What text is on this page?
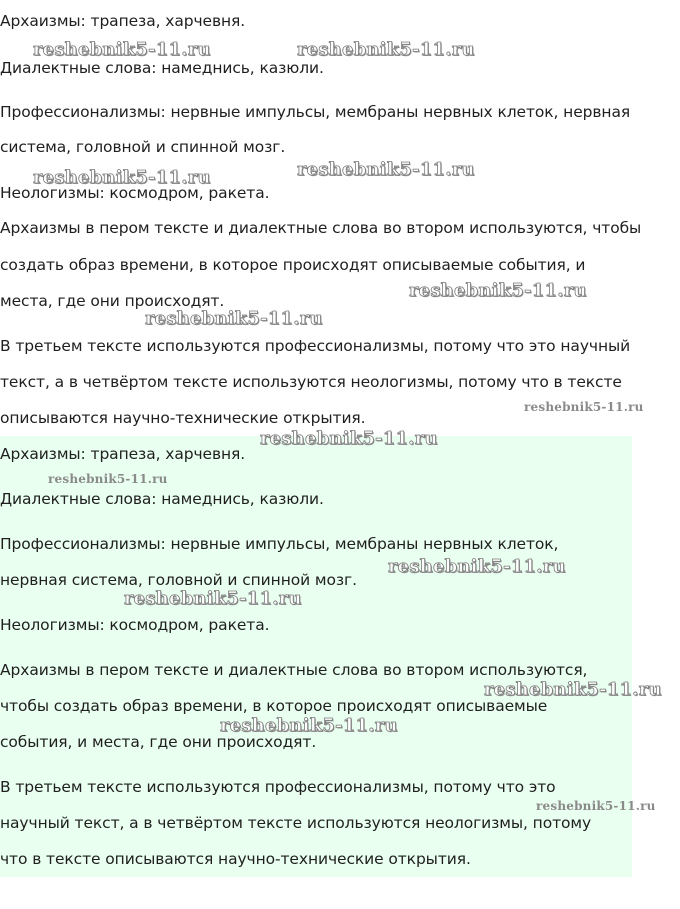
Архаизмы: трапеза, харчевня.
Диалектные слова: намеднись, казюли.
Профессионализмы: нервные импульсы, мембраны нервных клеток, нервная
система, головной и спинной мозг.
Неологизмы: космодром, ракета.
Архаизмы в пером тексте и диалектные слова во втором используются, чтобы
создать образ времени, в которое происходят описываемые события, и
места, где они происходят.
В третьем тексте используются профессионализмы, потому что это научный
текст, а в четвёртом тексте используются неологизмы, потому что в тексте
описываются научно-технические открытия.
reshebnik5-11.ru	reshebnik5-11.ru
reshebnik5-11.ru
reshebnik5-11.ru
reshebnik5-11.ru
reshebnik5-11.ru
reshebnik5-11.ru
Архаизмы: трапеза, харчевня.
Диалектные слова: намеднись, казюли.
Профессионализмы: нервные импульсы, мембраны нервных клеток,
нервная система, головной и спинной мозг.
Неологизмы: космодром, ракета.
Архаизмы в пером тексте и диалектные слова во втором используются,
чтобы создать образ времени, в которое происходят описываемые
события, и места, где они происходят.
В третьем тексте используются профессионализмы, потому что это
научный текст, а в четвёртом тексте используются неологизмы, потому
что в тексте описываются научно-технические открытия.
reshebnik5-11.ru
reshebnik5-11.ru
reshebnik5-11.ru
reshebnik5-11.ru
reshebnik5-11.ru
reshebnik5-11.ru
reshebnik5-11.ru
